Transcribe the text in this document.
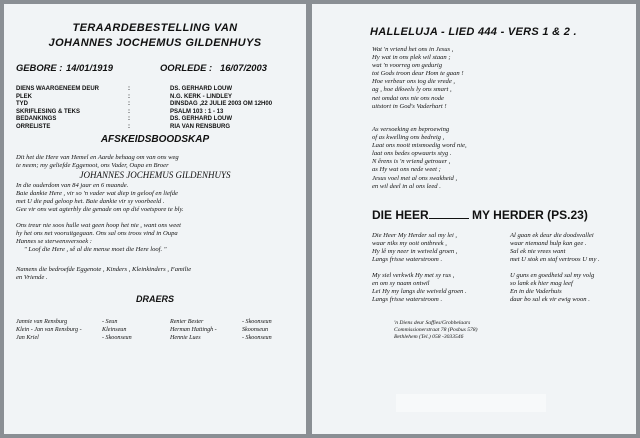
TERAARDEBESTELLING VAN
JOHANNES JOCHEMUS GILDENHUYS
GEBORE : 14/01/1919	OORLEDE : 16/07/2003
DIENS WAARGENEEM DEUR	:	DS. GERHARD LOUW
PLEK	:	N.G. KERK - LINDLEY
TYD	:	DINSDAG ,22 JULIE 2003 OM 12H00
SKRIFLESING & TEKS	:	PSALM 103 : 1 - 13
BEDANKINGS	:	DS. GERHARD LOUW
ORRELISTE	:	RIA VAN RENSBURG
AFSKEIDSBOODSKAP
Dit het die Here van Hemel en Aarde behaag om van ons weg
te neem; my geliefde Eggenoot, ons Vader, Oupa en Broer
JOHANNES JOCHEMUS GILDENHUYS
In die ouderdom van 84 jaar en 6 maande.
Baie dankie Here , vir so 'n vader wat diep in geloof en liefde
met U die pad geloop het. Baie dankie vir sy voorbeeld .
Gee vir ons wat agterbly die genade om op dié voetspore te bly.
Ons treur nie soos hulle wat geen hoop het nie , want ons weet
hy het ons net vooruitgegaan. Ons sal ons troos vind in Oupa
Hannes se sterwensversoek :
" Loof die Here , sê al die mense moet die Here loof. "
Namens die bedroefde Eggenote , Kinders , Kleinkinders , Familie
en Vriende .
DRAERS
Jannie van Rensburg	- Seun	Renier Bester	- Skoonseun
Klein - Jan van Rensburg -	Kleinseun	Herman Hattingh -	Skoonseun
Jan Kriel	- Skoonseun	Hennie Lues	- Skoonseun
HALLELUJA - LIED 444 - VERS 1 & 2 .
Wat 'n vriend het ons in Jesus ,
Hy wat in ons plek wil staan ;
wat 'n voorreg om gedurig
tot Gods troon deur Hom te gaan !
Hoe verbeur ons tog die vrede ,
ag , hoe dikwels ly ons smart ,
net omdat ons nie ons node
uitstort in God's Vaderhart !
As versoeking en beproewing
of as kwelling ons bedreig ,
Laat ons nooit mismoedig word nie,
laat ons bedes opwaarts styg .
N êrens is 'n vriend getrouer ,
as Hy wat ons nede weet ;
Jesus voel met al ons swakheid ,
en wil deel in al ons leed .
DIE HEER	MY HERDER (PS.23)
Die Heer My Herder sal my lei ,
waar niks my ooit ontbreek ,
Hy lê my neer in weiveld groen ,
Langs frisse waterstroom .
My siel verkwik Hy met sy rus ,
en om sy naam ontwil
Lei Hy my langs die weiveld groen .
Langs frisse waterstroom .
Al gaan ek deur die doodsvallei
waar niemand hulp kan gee .
Sal ek nie vrees want
met U stok en staf vertroos U my .
U guns en goedheid sal my volg
so lank ek hier mag leef
En in die Vaderhuis
daar bo sal ek vir ewig woon .
'n Diens deur Saffies/Grobbelaars
Commissionerstraat 78 (Posbus 578)
Bethlehem (Tel.) 058 -3033546
